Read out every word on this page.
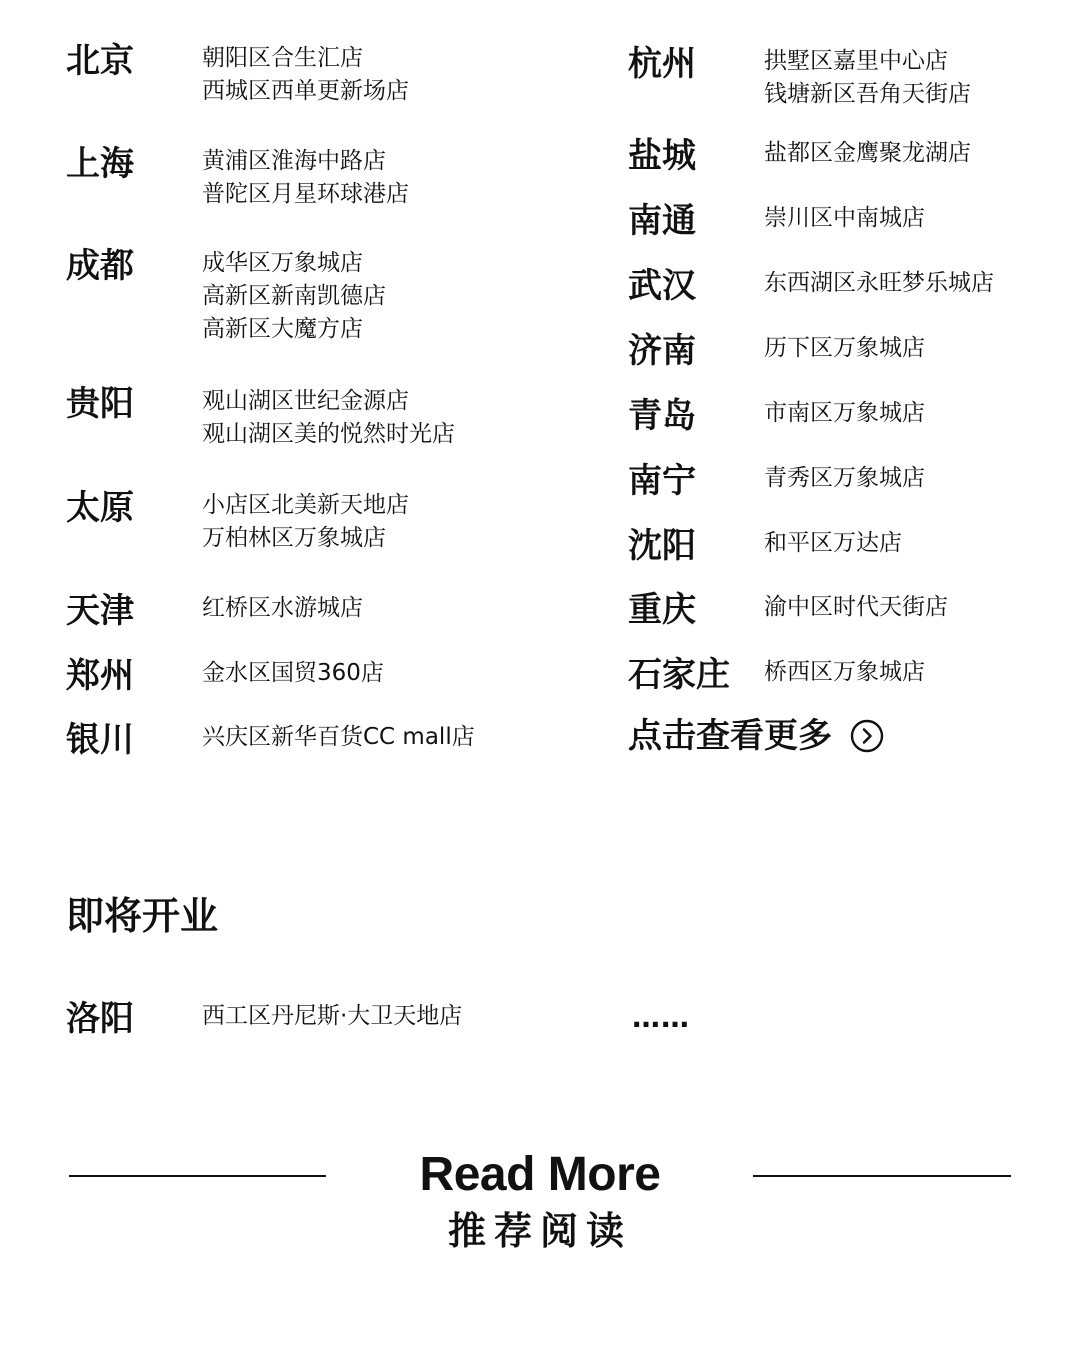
北京	朝阳区合生汇店
西城区西单更新场店
上海	黄浦区淮海中路店
普陀区月星环球港店
成都	成华区万象城店
高新区新南凯德店
高新区大魔方店
贵阳	观山湖区世纪金源店
观山湖区美的悦然时光店
太原	小店区北美新天地店
万柏林区万象城店
天津	红桥区水游城店
郑州	金水区国贸360店
银川	兴庆区新华百货CC mall店
杭州	拱墅区嘉里中心店
钱塘新区吾角天街店
盐城	盐都区金鹰聚龙湖店
南通	崇川区中南城店
武汉	东西湖区永旺梦乐城店
济南	历下区万象城店
青岛	市南区万象城店
南宁	青秀区万象城店
沈阳	和平区万达店
重庆	渝中区时代天街店
石家庄 桥西区万象城店
点击查看更多
即将开业
洛阳	西工区丹尼斯·大卫天地店	……
Read More
推荐阅读
